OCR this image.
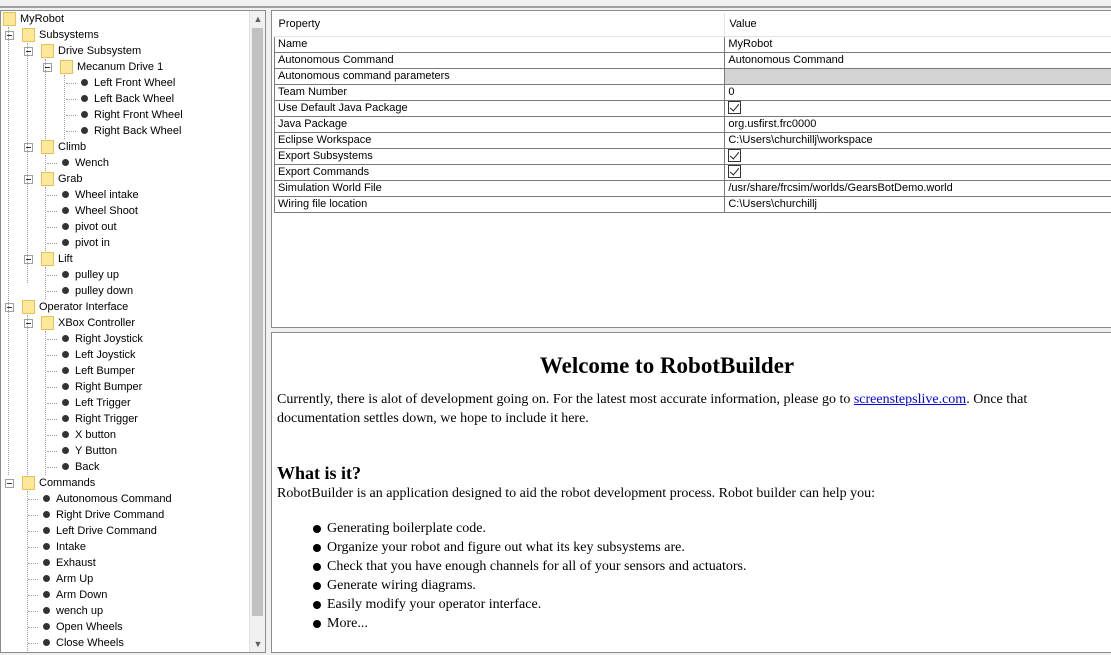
MyRobot
Subsystems
Drive Subsystem
Mecanum Drive 1
Left Front Wheel
Left Back Wheel
Right Front Wheel
Right Back Wheel
Climb
Wench
Grab
Wheel intake
Wheel Shoot
pivot out
pivot in
Lift
pulley up
pulley down
Operator Interface
XBox Controller
Right Joystick
Left Joystick
Left Bumper
Right Bumper
Left Trigger
Right Trigger
X button
Y Button
Back
Commands
Autonomous Command
Right Drive Command
Left Drive Command
Intake
Exhaust
Arm Up
Arm Down
wench up
Open Wheels
Close Wheels
▲
▼
Property	Value
Name	MyRobot
Autonomous Command	Autonomous Command
Autonomous command parameters	
Team Number	0
Use Default Java Package	
Java Package	org.usfirst.frc0000
Eclipse Workspace	C:\Users\churchillj\workspace
Export Subsystems	
Export Commands	
Simulation World File	/usr/share/frcsim/worlds/GearsBotDemo.world
Wiring file location	C:\Users\churchillj
Welcome to RobotBuilder
Currently, there is alot of development going on. For the latest most accurate information, please go to screenstepslive.com. Once that documentation settles down, we hope to include it here.
What is it?
RobotBuilder is an application designed to aid the robot development process. Robot builder can help you:
Generating boilerplate code.
Organize your robot and figure out what its key subsystems are.
Check that you have enough channels for all of your sensors and actuators.
Generate wiring diagrams.
Easily modify your operator interface.
More...
